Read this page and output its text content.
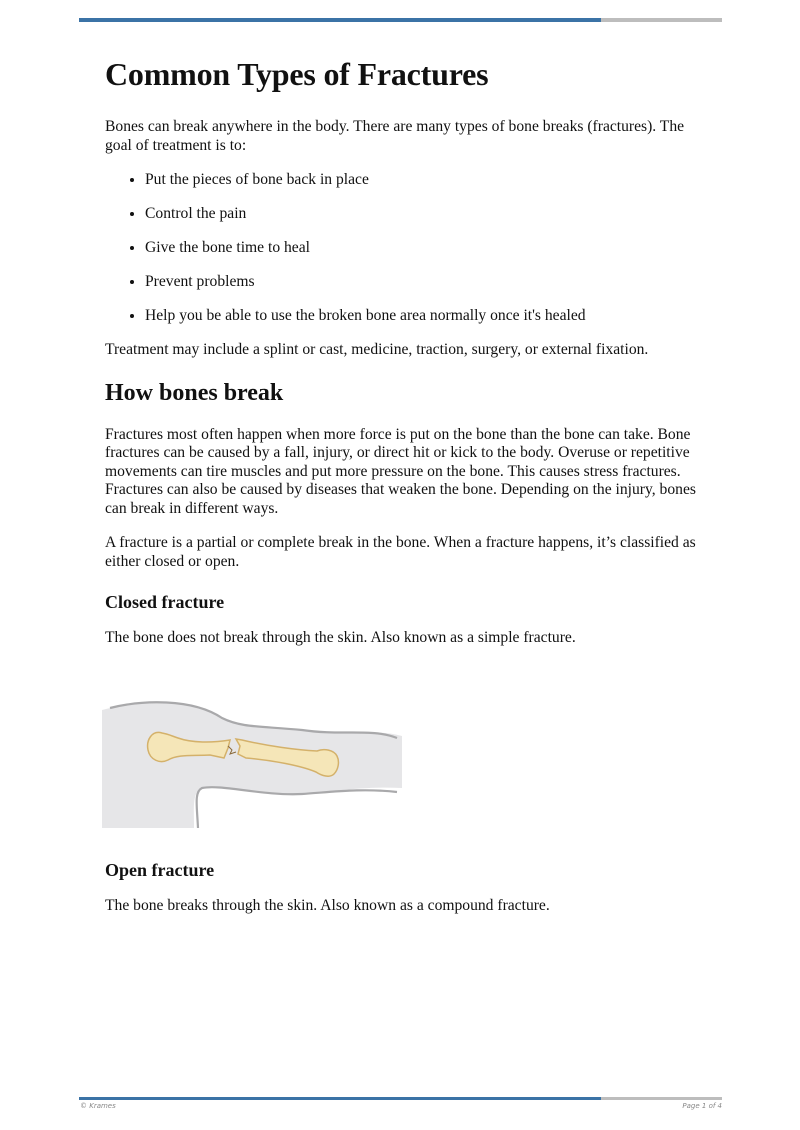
Common Types of Fractures

Bones can break anywhere in the body. There are many types of bone breaks (fractures). The goal of treatment is to:

• Put the pieces of bone back in place
• Control the pain
• Give the bone time to heal
• Prevent problems
• Help you be able to use the broken bone area normally once it's healed

Treatment may include a splint or cast, medicine, traction, surgery, or external fixation.

How bones break

Fractures most often happen when more force is put on the bone than the bone can take. Bone fractures can be caused by a fall, injury, or direct hit or kick to the body. Overuse or repetitive movements can tire muscles and put more pressure on the bone. This causes stress fractures. Fractures can also be caused by diseases that weaken the bone. Depending on the injury, bones can break in different ways.

A fracture is a partial or complete break in the bone. When a fracture happens, it’s classified as either closed or open.

Closed fracture

The bone does not break through the skin. Also known as a simple fracture.

Open fracture

The bone breaks through the skin. Also known as a compound fracture.

© Krames	Page 1 of 4
